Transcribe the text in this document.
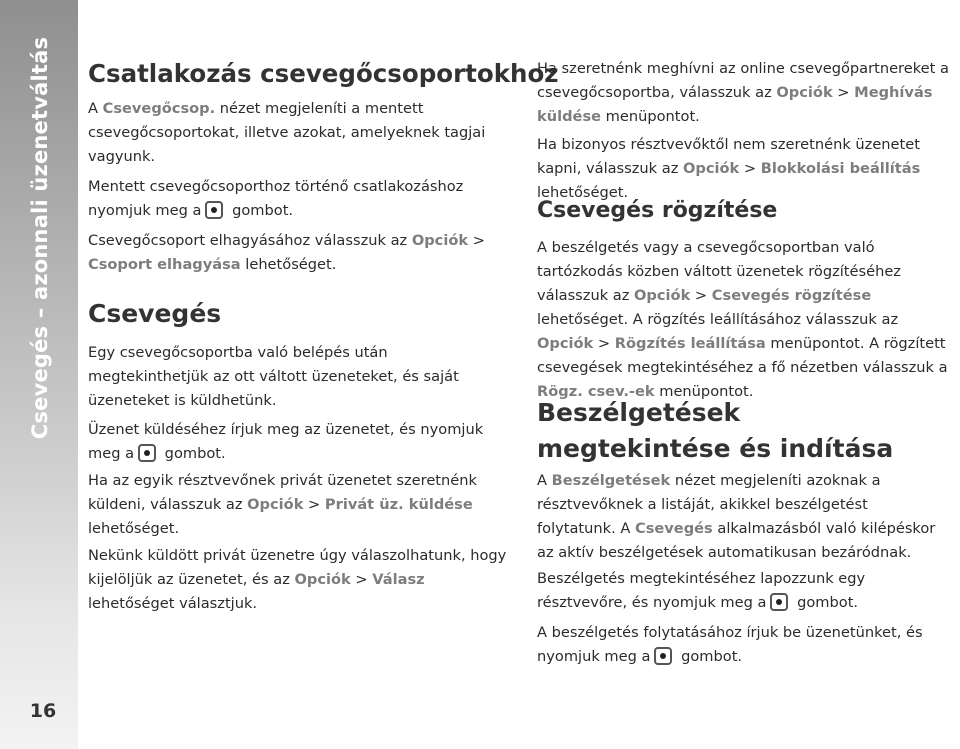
Csevegés – azonnali üzenetváltás
16
Csatlakozás csevegőcsoportokhoz

A Csevegőcsop. nézet megjeleníti a mentett csevegőcsoportokat, illetve azokat, amelyeknek tagjai vagyunk.

Mentett csevegőcsoporthoz történő csatlakozáshoz nyomjuk meg a gombot.

Csevegőcsoport elhagyásához válasszuk az Opciók > Csoport elhagyása lehetőséget.

Csevegés

Egy csevegőcsoportba való belépés után megtekinthetjük az ott váltott üzeneteket, és saját üzeneteket is küldhetünk.

Üzenet küldéséhez írjuk meg az üzenetet, és nyomjuk meg a gombot.

Ha az egyik résztvevőnek privát üzenetet szeretnénk küldeni, válasszuk az Opciók > Privát üz. küldése lehetőséget.

Nekünk küldött privát üzenetre úgy válaszolhatunk, hogy kijelöljük az üzenetet, és az Opciók > Válasz lehetőséget választjuk.

Ha szeretnénk meghívni az online csevegőpartnereket a csevegőcsoportba, válasszuk az Opciók > Meghívás küldése menüpontot.

Ha bizonyos résztvevőktől nem szeretnénk üzenetet kapni, válasszuk az Opciók > Blokkolási beállítás lehetőséget.

Csevegés rögzítése

A beszélgetés vagy a csevegőcsoportban való tartózkodás közben váltott üzenetek rögzítéséhez válasszuk az Opciók > Csevegés rögzítése lehetőséget. A rögzítés leállításához válasszuk az Opciók > Rögzítés leállítása menüpontot. A rögzített csevegések megtekintéséhez a fő nézetben válasszuk a Rögz. csev.-ek menüpontot.

Beszélgetések megtekintése és indítása

A Beszélgetések nézet megjeleníti azoknak a résztvevőknek a listáját, akikkel beszélgetést folytatunk. A Csevegés alkalmazásból való kilépéskor az aktív beszélgetések automatikusan bezáródnak.

Beszélgetés megtekintéséhez lapozzunk egy résztvevőre, és nyomjuk meg a gombot.

A beszélgetés folytatásához írjuk be üzenetünket, és nyomjuk meg a gombot.
